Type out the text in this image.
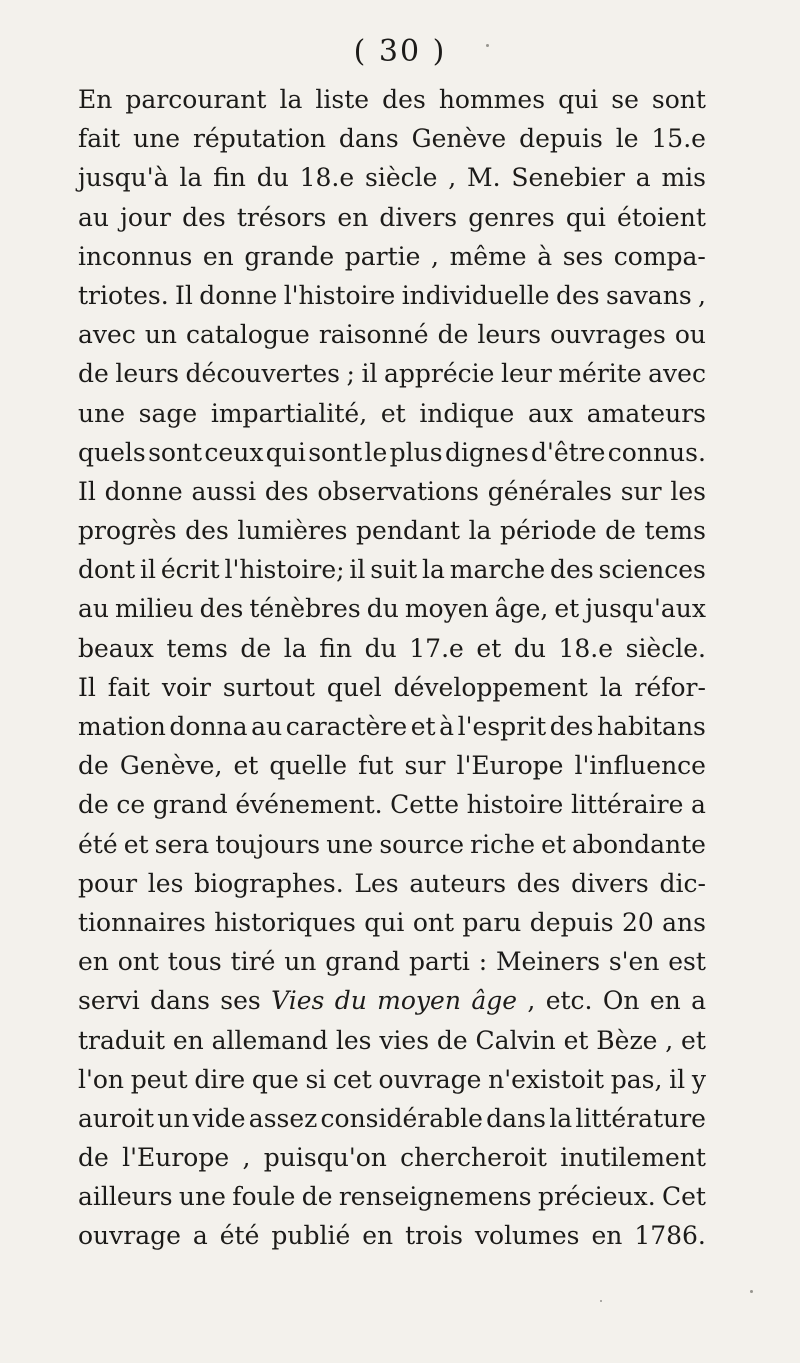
( 30 )
En parcourant la liste des hommes qui se sont
fait une réputation dans Genève depuis le 15.e
jusqu'à la fin du 18.e siècle , M. Senebier a mis
au jour des trésors en divers genres qui étoient
inconnus en grande partie , même à ses compa-
triotes. Il donne l'histoire individuelle des savans ,
avec un catalogue raisonné de leurs ouvrages ou
de leurs découvertes ; il apprécie leur mérite avec
une sage impartialité, et indique aux amateurs
quels sont ceux qui sont le plus dignes d'être connus.
Il donne aussi des observations générales sur les
progrès des lumières pendant la période de tems
dont il écrit l'histoire; il suit la marche des sciences
au milieu des ténèbres du moyen âge, et jusqu'aux
beaux tems de la fin du 17.e et du 18.e siècle.
Il fait voir surtout quel développement la réfor-
mation donna au caractère et à l'esprit des habitans
de Genève, et quelle fut sur l'Europe l'influence
de ce grand événement. Cette histoire littéraire a
été et sera toujours une source riche et abondante
pour les biographes. Les auteurs des divers dic-
tionnaires historiques qui ont paru depuis 20 ans
en ont tous tiré un grand parti : Meiners s'en est
servi dans ses Vies du moyen âge , etc. On en a
traduit en allemand les vies de Calvin et Bèze , et
l'on peut dire que si cet ouvrage n'existoit pas, il y
auroit un vide assez considérable dans la littérature
de l'Europe , puisqu'on chercheroit inutilement
ailleurs une foule de renseignemens précieux. Cet
ouvrage a été publié en trois volumes en 1786.
